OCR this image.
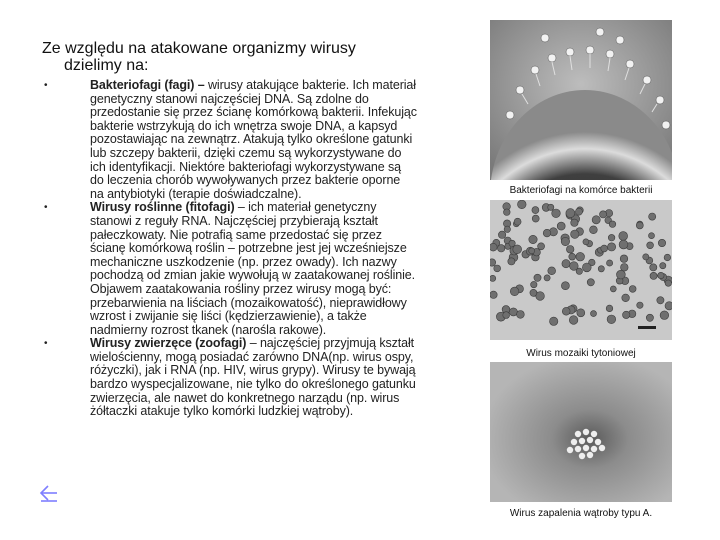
Ze względu na atakowane organizmy wirusy
dzielimy na:
•	Bakteriofagi (fagi) – wirusy atakujące bakterie. Ich materiał genetyczny stanowi najczęściej DNA. Są zdolne do przedostanie się przez ścianę komórkową bakterii. Infekując bakterie wstrzykują do ich wnętrza swoje DNA, a kapsyd pozostawiając na zewnątrz. Atakują tylko określone gatunki lub szczepy bakterii, dzięki czemu są wykorzystywane do ich identyfikacji. Niektóre bakteriofagi wykorzystywane są do leczenia chorób wywoływanych przez bakterie oporne na antybiotyki (terapie doświadczalne).
•	Wirusy roślinne (fitofagi) – ich materiał genetyczny stanowi z reguły RNA. Najczęściej przybierają kształt pałeczkowaty. Nie potrafią same przedostać się przez ścianę komórkową roślin – potrzebne jest jej wcześniejsze mechaniczne uszkodzenie (np. przez owady). Ich nazwy pochodzą od zmian jakie wywołują w zaatakowanej roślinie. Objawem zaatakowania rośliny przez wirusy mogą być: przebarwienia na liściach (mozaikowatość), nieprawidłowy wzrost i zwijanie się liści (kędzierzawienie), a także nadmierny rozrost tkanek (narośla rakowe).
•	Wirusy zwierzęce (zoofagi) – najczęściej przyjmują kształt wielościenny, mogą posiadać zarówno DNA(np. wirus ospy, różyczki), jak i RNA (np. HIV, wirus grypy). Wirusy te bywają bardzo wyspecjalizowane, nie tylko do określonego gatunku zwierzęcia, ale nawet do konkretnego narządu (np. wirus żółtaczki atakuje tylko komórki ludzkiej wątroby).
Bakteriofagi na komórce bakterii
Wirus mozaiki tytoniowej
Wirus zapalenia wątroby typu A.
